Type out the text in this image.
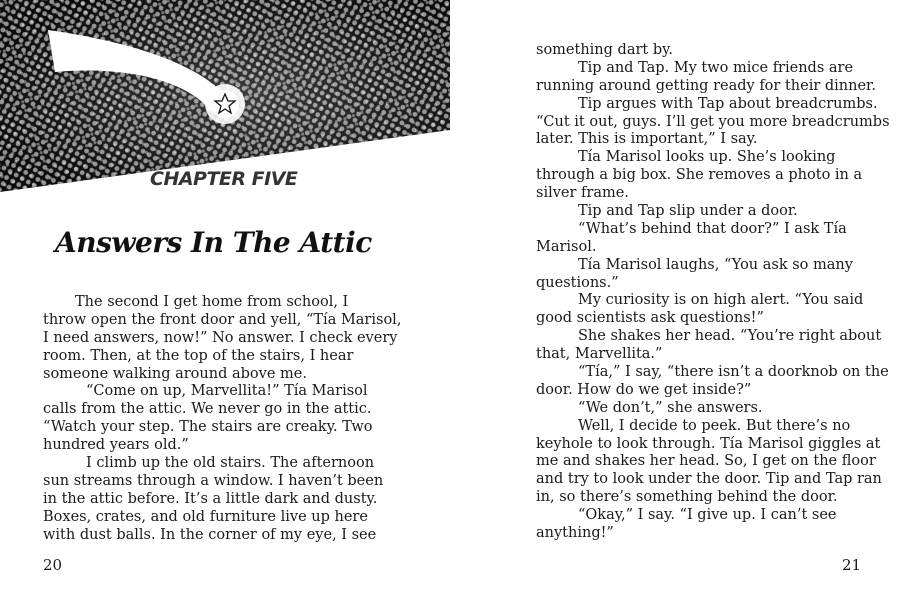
CHAPTER FIVE
Answers In The Attic
The second I get home from school, I
throw open the front door and yell, “Tía Marisol,
I need answers, now!” No answer. I check every
room. Then, at the top of the stairs, I hear
someone walking around above me.
“Come on up, Marvellita!” Tía Marisol
calls from the attic. We never go in the attic.
“Watch your step. The stairs are creaky. Two
hundred years old.”
I climb up the old stairs. The afternoon
sun streams through a window. I haven’t been
in the attic before. It’s a little dark and dusty.
Boxes, crates, and old furniture live up here
with dust balls. In the corner of my eye, I see
20
something dart by.
Tip and Tap. My two mice friends are
running around getting ready for their dinner.
Tip argues with Tap about breadcrumbs.
“Cut it out, guys. I’ll get you more breadcrumbs
later. This is important,” I say.
Tía Marisol looks up. She’s looking
through a big box. She removes a photo in a
silver frame.
Tip and Tap slip under a door.
“What’s behind that door?” I ask Tía
Marisol.
Tía Marisol laughs, “You ask so many
questions.”
My curiosity is on high alert. “You said
good scientists ask questions!”
She shakes her head. “You’re right about
that, Marvellita.”
“Tía,” I say, “there isn’t a doorknob on the
door. How do we get inside?”
“We don’t,” she answers.
Well, I decide to peek. But there’s no
keyhole to look through. Tía Marisol giggles at
me and shakes her head. So, I get on the floor
and try to look under the door. Tip and Tap ran
in, so there’s something behind the door.
“Okay,” I say. “I give up. I can’t see
anything!”
21
